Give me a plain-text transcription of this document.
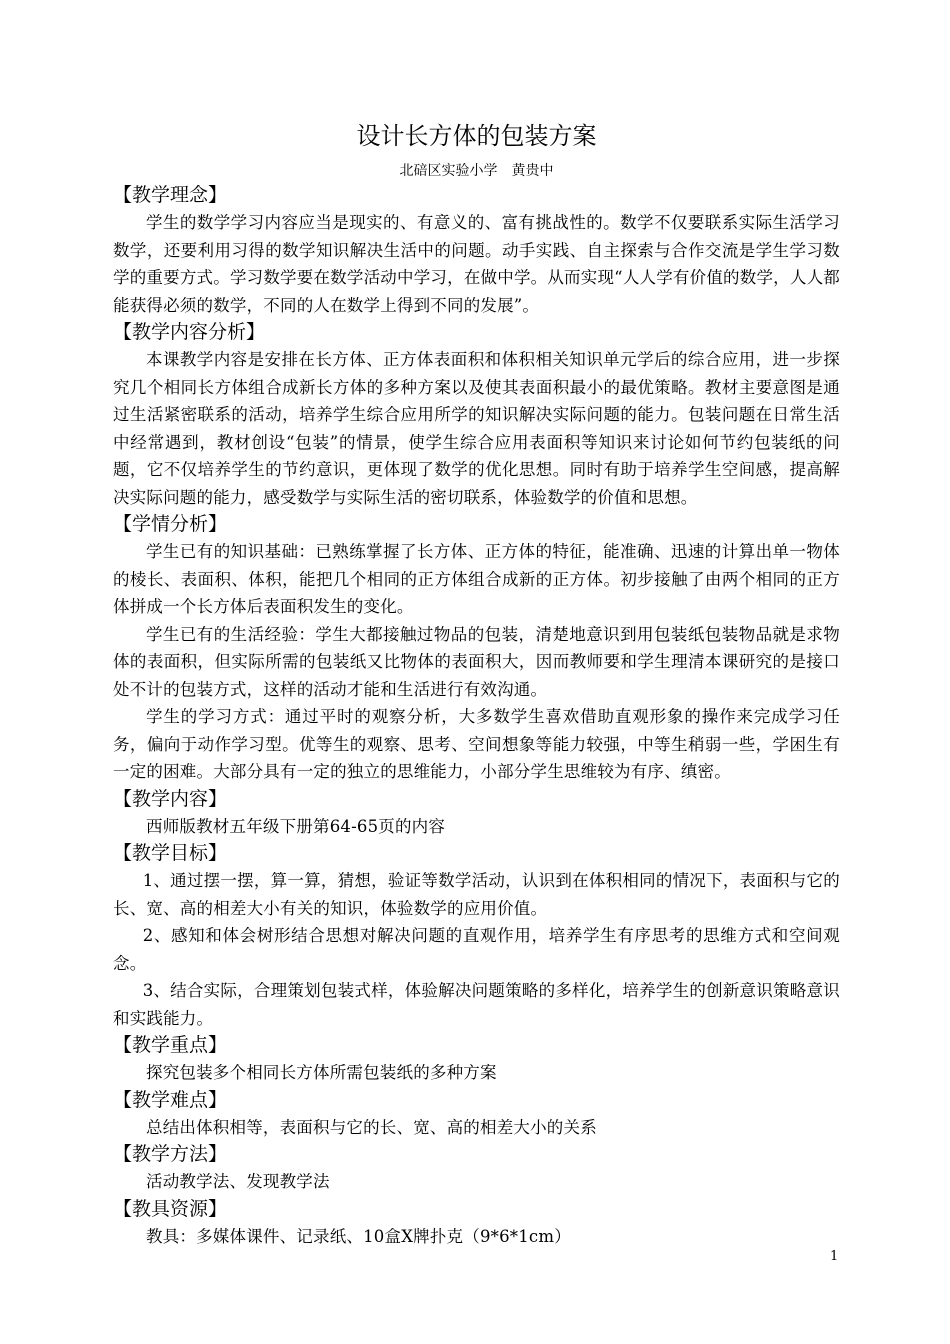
设计长方体的包装方案

北碚区实验小学　黄贵中

【教学理念】

学生的数学学习内容应当是现实的、有意义的、富有挑战性的。数学不仅要联系实际生活学习数学，还要利用习得的数学知识解决生活中的问题。动手实践、自主探索与合作交流是学生学习数学的重要方式。学习数学要在数学活动中学习，在做中学。从而实现“人人学有价值的数学，人人都能获得必须的数学，不同的人在数学上得到不同的发展”。

【教学内容分析】

本课教学内容是安排在长方体、正方体表面积和体积相关知识单元学后的综合应用，进一步探究几个相同长方体组合成新长方体的多种方案以及使其表面积最小的最优策略。教材主要意图是通过生活紧密联系的活动，培养学生综合应用所学的知识解决实际问题的能力。包装问题在日常生活中经常遇到，教材创设“包装”的情景，使学生综合应用表面积等知识来讨论如何节约包装纸的问题，它不仅培养学生的节约意识，更体现了数学的优化思想。同时有助于培养学生空间感，提高解决实际问题的能力，感受数学与实际生活的密切联系，体验数学的价值和思想。

【学情分析】

学生已有的知识基础：已熟练掌握了长方体、正方体的特征，能准确、迅速的计算出单一物体的棱长、表面积、体积，能把几个相同的正方体组合成新的正方体。初步接触了由两个相同的正方体拼成一个长方体后表面积发生的变化。

学生已有的生活经验：学生大都接触过物品的包装，清楚地意识到用包装纸包装物品就是求物体的表面积，但实际所需的包装纸又比物体的表面积大，因而教师要和学生理清本课研究的是接口处不计的包装方式，这样的活动才能和生活进行有效沟通。

学生的学习方式：通过平时的观察分析，大多数学生喜欢借助直观形象的操作来完成学习任务，偏向于动作学习型。优等生的观察、思考、空间想象等能力较强，中等生稍弱一些，学困生有一定的困难。大部分具有一定的独立的思维能力，小部分学生思维较为有序、缜密。

【教学内容】

西师版教材五年级下册第64-65页的内容

【教学目标】

1、通过摆一摆，算一算，猜想，验证等数学活动，认识到在体积相同的情况下，表面积与它的长、宽、高的相差大小有关的知识，体验数学的应用价值。

2、感知和体会树形结合思想对解决问题的直观作用，培养学生有序思考的思维方式和空间观念。

3、结合实际，合理策划包装式样，体验解决问题策略的多样化，培养学生的创新意识策略意识和实践能力。

【教学重点】

探究包装多个相同长方体所需包装纸的多种方案

【教学难点】

总结出体积相等，表面积与它的长、宽、高的相差大小的关系

【教学方法】

活动教学法、发现教学法

【教具资源】

教具：多媒体课件、记录纸、10盒X牌扑克（9*6*1cm）

1
